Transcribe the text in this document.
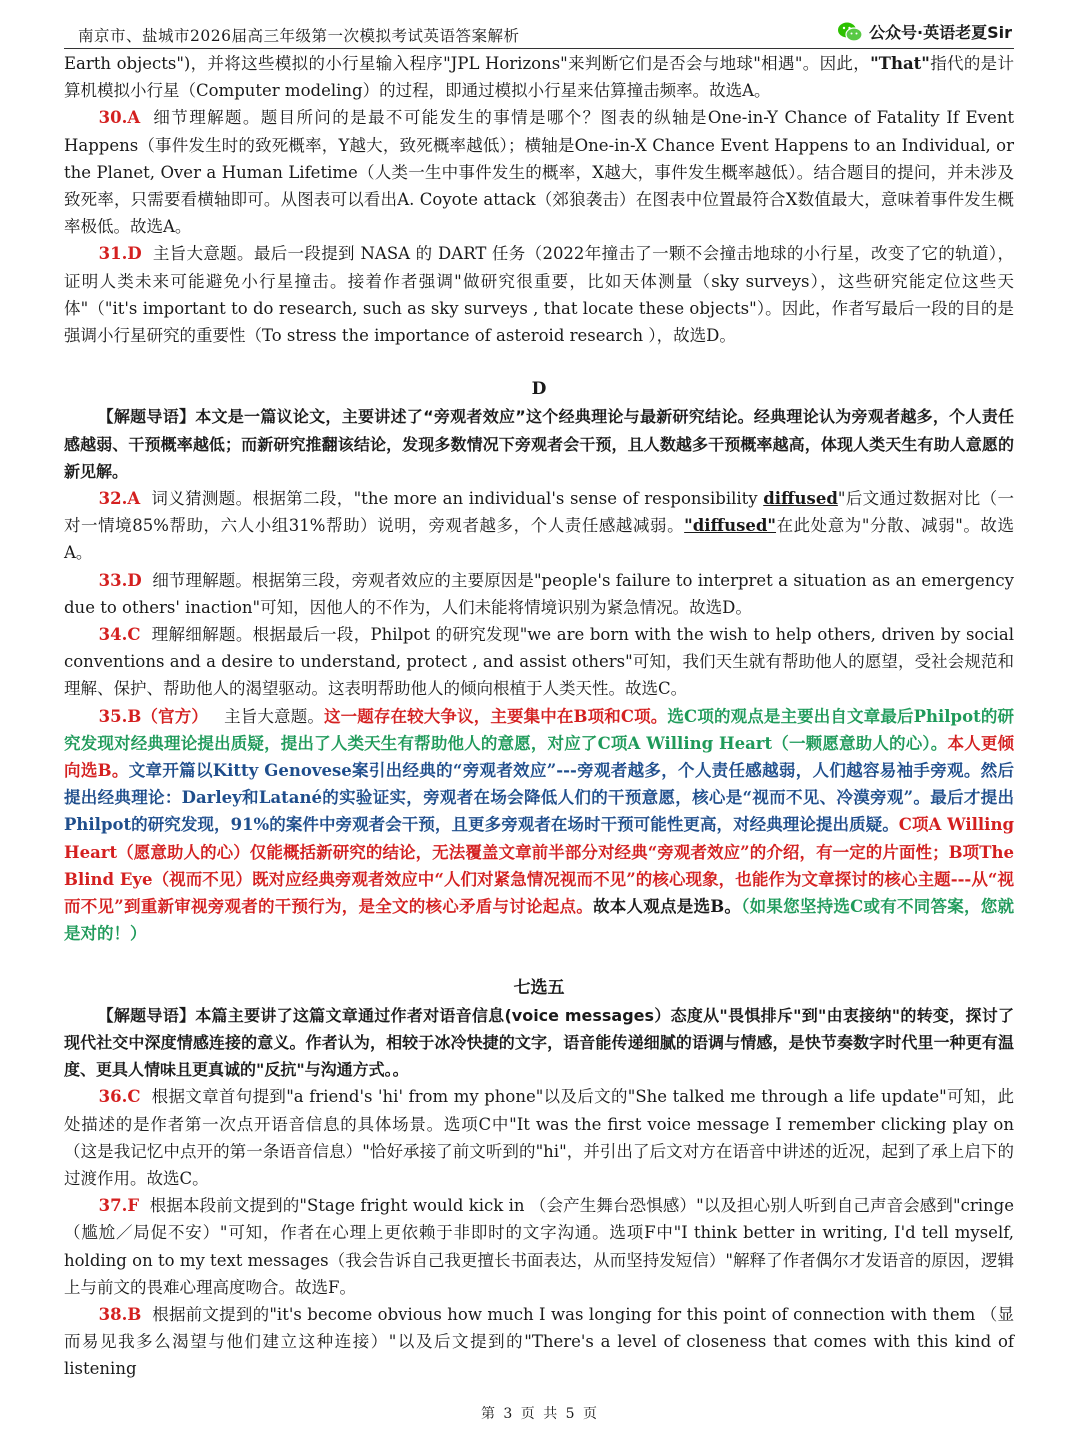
南京市、盐城市2026届高三年级第一次模拟考试英语答案解析	公众号·英语老夏Sir

Earth objects")，并将这些模拟的小行星输入程序"JPL Horizons"来判断它们是否会与地球"相遇"。因此，"That"指代的是计算机模拟小行星（Computer modeling）的过程，即通过模拟小行星来估算撞击频率。故选A。

30.A 细节理解题。题目所问的是最不可能发生的事情是哪个？图表的纵轴是One-in-Y Chance of Fatality If Event Happens（事件发生时的致死概率，Y越大，致死概率越低）；横轴是One-in-X Chance Event Happens to an Individual, or the Planet, Over a Human Lifetime（人类一生中事件发生的概率，X越大，事件发生概率越低）。结合题目的提问，并未涉及致死率，只需要看横轴即可。从图表可以看出A. Coyote attack（郊狼袭击）在图表中位置最符合X数值最大，意味着事件发生概率极低。故选A。

31.D 主旨大意题。最后一段提到 NASA 的 DART 任务（2022年撞击了一颗不会撞击地球的小行星，改变了它的轨道），证明人类未来可能避免小行星撞击。接着作者强调"做研究很重要，比如天体测量（sky surveys），这些研究能定位这些天体"（"it's important to do research, such as sky surveys , that locate these objects"）。因此，作者写最后一段的目的是强调小行星研究的重要性（To stress the importance of asteroid research ），故选D。

D

【解题导语】本文是一篇议论文，主要讲述了“旁观者效应”这个经典理论与最新研究结论。经典理论认为旁观者越多，个人责任感越弱、干预概率越低；而新研究推翻该结论，发现多数情况下旁观者会干预，且人数越多干预概率越高，体现人类天生有助人意愿的新见解。

32.A 词义猜测题。根据第二段，"the more an individual's sense of responsibility diffused"后文通过数据对比（一对一情境85%帮助，六人小组31%帮助）说明，旁观者越多，个人责任感越减弱。"diffused"在此处意为"分散、减弱"。故选A。

33.D 细节理解题。根据第三段，旁观者效应的主要原因是"people's failure to interpret a situation as an emergency due to others' inaction"可知，因他人的不作为，人们未能将情境识别为紧急情况。故选D。

34.C 理解细解题。根据最后一段，Philpot 的研究发现"we are born with the wish to help others, driven by social conventions and a desire to understand, protect , and assist others"可知，我们天生就有帮助他人的愿望，受社会规范和理解、保护、帮助他人的渴望驱动。这表明帮助他人的倾向根植于人类天性。故选C。

35.B（官方） 主旨大意题。这一题存在较大争议，主要集中在B项和C项。选C项的观点是主要出自文章最后Philpot的研究发现对经典理论提出质疑，提出了人类天生有帮助他人的意愿，对应了C项A Willing Heart（一颗愿意助人的心）。本人更倾向选B。文章开篇以Kitty Genovese案引出经典的“旁观者效应”---旁观者越多，个人责任感越弱，人们越容易袖手旁观。然后提出经典理论：Darley和Latané的实验证实，旁观者在场会降低人们的干预意愿，核心是“视而不见、冷漠旁观”。最后才提出Philpot的研究发现，91%的案件中旁观者会干预，且更多旁观者在场时干预可能性更高，对经典理论提出质疑。C项A Willing Heart（愿意助人的心）仅能概括新研究的结论，无法覆盖文章前半部分对经典“旁观者效应”的介绍，有一定的片面性；B项The Blind Eye（视而不见）既对应经典旁观者效应中“人们对紧急情况视而不见”的核心现象，也能作为文章探讨的核心主题---从“视而不见”到重新审视旁观者的干预行为，是全文的核心矛盾与讨论起点。故本人观点是选B。（如果您坚持选C或有不同答案，您就是对的！）

七选五

【解题导语】本篇主要讲了这篇文章通过作者对语音信息(voice messages）态度从"畏惧排斥"到"由衷接纳"的转变，探讨了现代社交中深度情感连接的意义。作者认为，相较于冰冷快捷的文字，语音能传递细腻的语调与情感，是快节奏数字时代里一种更有温度、更具人情味且更真诚的"反抗"与沟通方式。。

36.C 根据文章首句提到"a friend's 'hi' from my phone"以及后文的"She talked me through a life update"可知，此处描述的是作者第一次点开语音信息的具体场景。选项C中"It was the first voice message I remember clicking play on（这是我记忆中点开的第一条语音信息）"恰好承接了前文听到的"hi"，并引出了后文对方在语音中讲述的近况，起到了承上启下的过渡作用。故选C。

37.F 根据本段前文提到的"Stage fright would kick in （会产生舞台恐惧感）"以及担心别人听到自己声音会感到"cringe（尴尬／局促不安）"可知，作者在心理上更依赖于非即时的文字沟通。选项F中"I think better in writing, I'd tell myself, holding on to my text messages（我会告诉自己我更擅长书面表达，从而坚持发短信）"解释了作者偶尔才发语音的原因，逻辑上与前文的畏难心理高度吻合。故选F。

38.B 根据前文提到的"it's become obvious how much I was longing for this point of connection with them （显而易见我多么渴望与他们建立这种连接）"以及后文提到的"There's a level of closeness that comes with this kind of listening

第 3 页 共 5 页
